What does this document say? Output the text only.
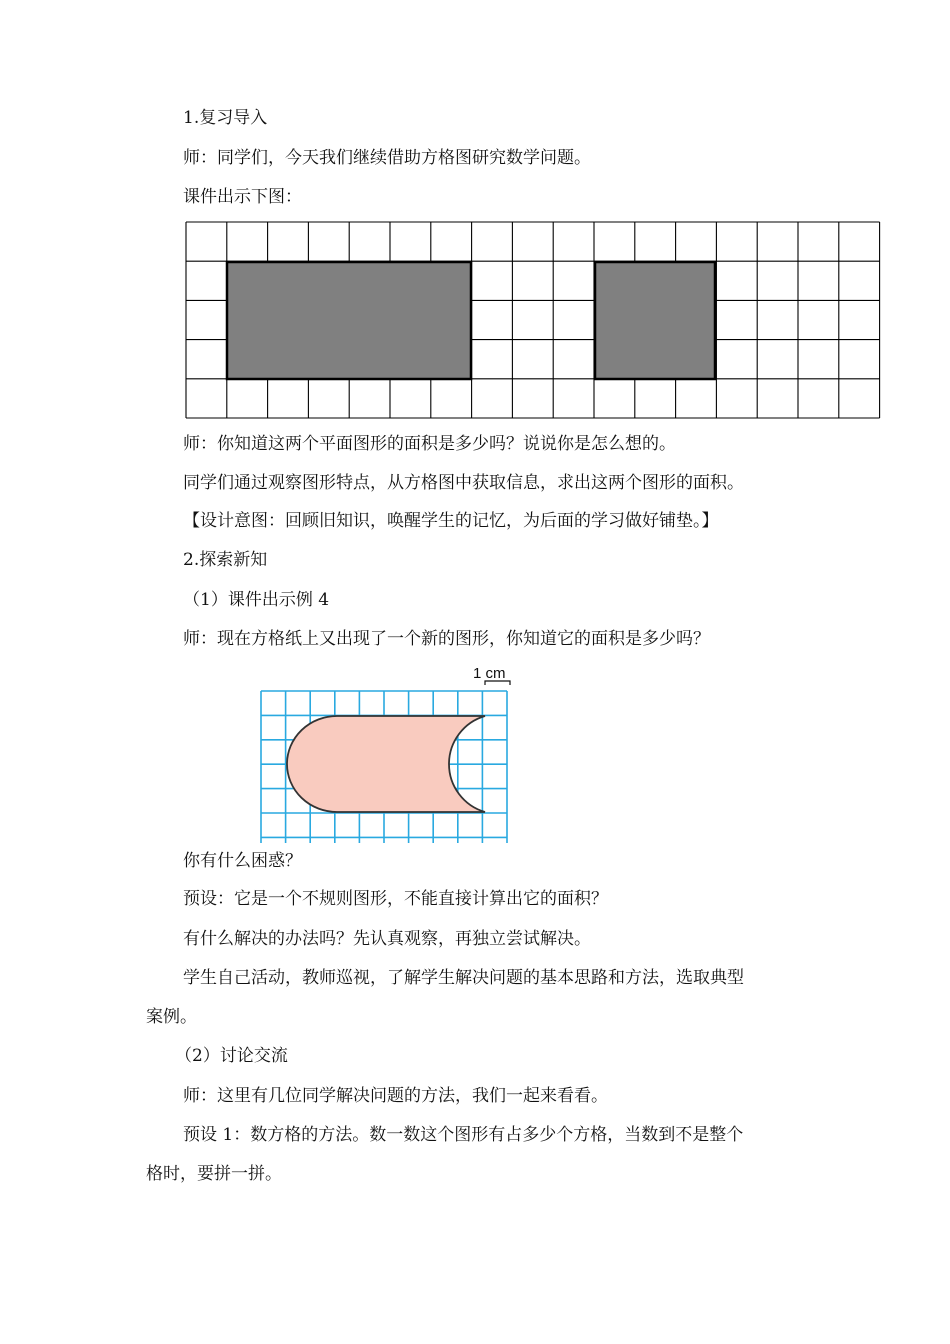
1.复习导入
师：同学们，今天我们继续借助方格图研究数学问题。
课件出示下图：
师：你知道这两个平面图形的面积是多少吗？说说你是怎么想的。
同学们通过观察图形特点，从方格图中获取信息，求出这两个图形的面积。
【设计意图：回顾旧知识，唤醒学生的记忆，为后面的学习做好铺垫。】
2.探索新知
（1）课件出示例 4
师：现在方格纸上又出现了一个新的图形，你知道它的面积是多少吗？
1 cm
你有什么困惑？
预设：它是一个不规则图形，不能直接计算出它的面积？
有什么解决的办法吗？先认真观察，再独立尝试解决。
学生自己活动，教师巡视，了解学生解决问题的基本思路和方法，选取典型
案例。
（2）讨论交流
师：这里有几位同学解决问题的方法，我们一起来看看。
预设 1：数方格的方法。数一数这个图形有占多少个方格，当数到不是整个
格时，要拼一拼。
